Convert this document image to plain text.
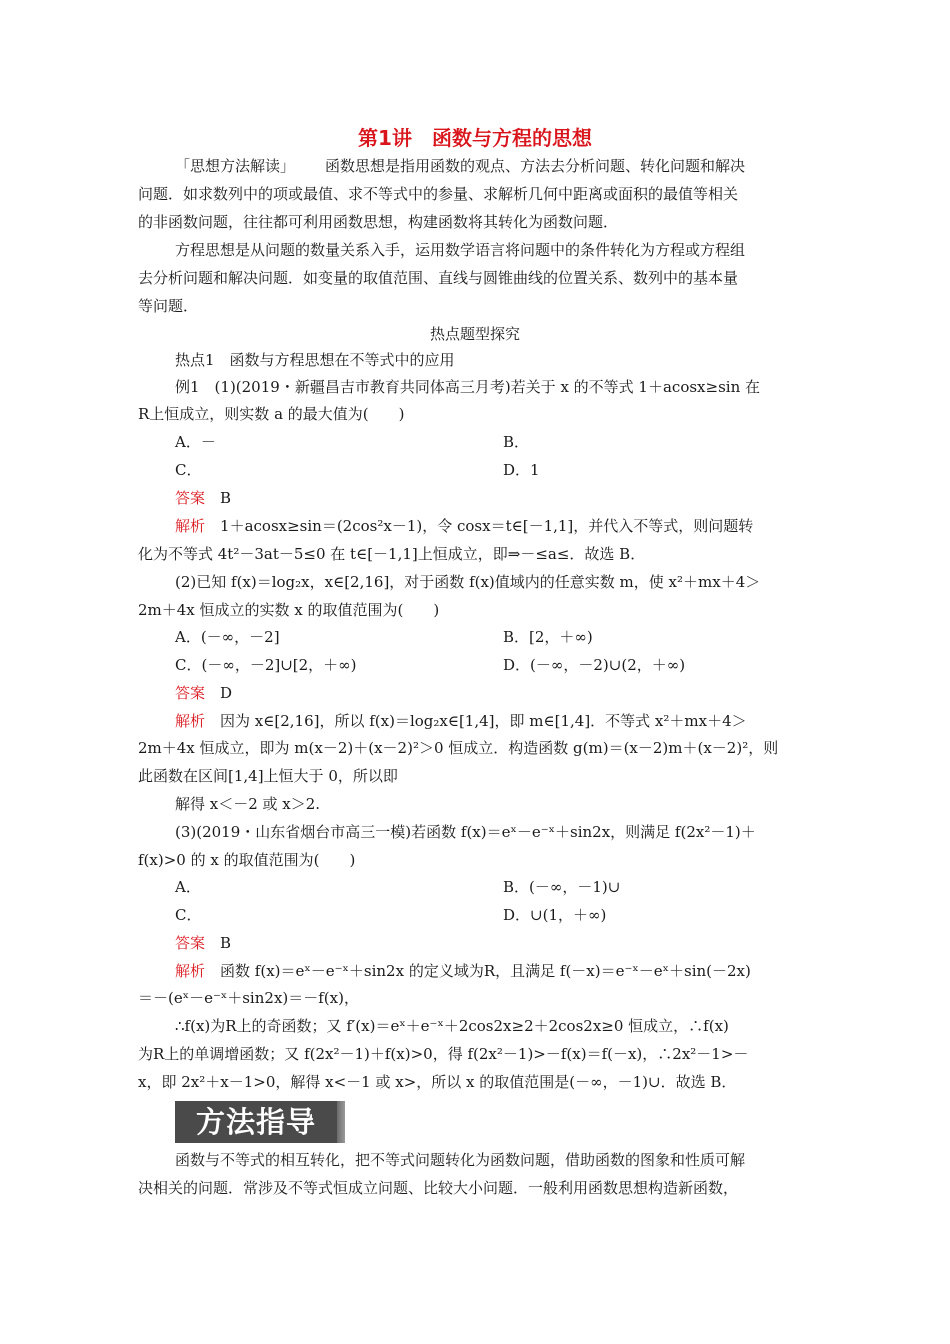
第1讲　函数与方程的思想
「思想方法解读」 函数思想是指用函数的观点、方法去分析问题、转化问题和解决
问题．如求数列中的项或最值、求不等式中的参量、求解析几何中距离或面积的最值等相关
的非函数问题，往往都可利用函数思想，构建函数将其转化为函数问题．
方程思想是从问题的数量关系入手，运用数学语言将问题中的条件转化为方程或方程组
去分析问题和解决问题．如变量的取值范围、直线与圆锥曲线的位置关系、数列中的基本量
等问题．
热点题型探究
热点1　函数与方程思想在不等式中的应用
例1　(1)(2019・新疆昌吉市教育共同体高三月考)若关于 x 的不等式 1＋acosx≥sin 在
R上恒成立，则实数 a 的最大值为(　　)
A．－	B．
C．	D．1
答案　 B
解析　 1＋acosx≥sin＝(2cos²x－1)，令 cosx＝t∈[－1,1]，并代入不等式，则问题转
化为不等式 4t²－3at－5≤0 在 t∈[－1,1]上恒成立，即⇒－≤a≤．故选 B．
(2)已知 f(x)＝log₂x，x∈[2,16]，对于函数 f(x)值域内的任意实数 m，使 x²＋mx＋4＞
2m＋4x 恒成立的实数 x 的取值范围为(　　)
A．(－∞，－2]	B．[2，＋∞)
C．(－∞，－2]∪[2，＋∞)	D．(－∞，－2)∪(2，＋∞)
答案　 D
解析　 因为 x∈[2,16]，所以 f(x)＝log₂x∈[1,4]，即 m∈[1,4]．不等式 x²＋mx＋4＞
2m＋4x 恒成立，即为 m(x－2)＋(x－2)²＞0 恒成立．构造函数 g(m)＝(x－2)m＋(x－2)²，则
此函数在区间[1,4]上恒大于 0，所以即
解得 x＜－2 或 x＞2.
(3)(2019・山东省烟台市高三一模)若函数 f(x)＝eˣ－e⁻ˣ＋sin2x，则满足 f(2x²－1)＋
f(x)>0 的 x 的取值范围为(　　)
A．	B．(－∞，－1)∪
C．	D．∪(1，＋∞)
答案　 B
解析　 函数 f(x)＝eˣ－e⁻ˣ＋sin2x 的定义域为R，且满足 f(－x)＝e⁻ˣ－eˣ＋sin(－2x)
＝－(eˣ－e⁻ˣ＋sin2x)＝－f(x)，
∴f(x)为R上的奇函数；又 f′(x)＝eˣ＋e⁻ˣ＋2cos2x≥2＋2cos2x≥0 恒成立，∴f(x)
为R上的单调增函数；又 f(2x²－1)＋f(x)>0，得 f(2x²－1)>－f(x)＝f(－x)，∴2x²－1>－
x，即 2x²＋x－1>0，解得 x<－1 或 x>，所以 x 的取值范围是(－∞，－1)∪．故选 B．
方法指导
函数与不等式的相互转化，把不等式问题转化为函数问题，借助函数的图象和性质可解
决相关的问题．常涉及不等式恒成立问题、比较大小问题．一般利用函数思想构造新函数，
